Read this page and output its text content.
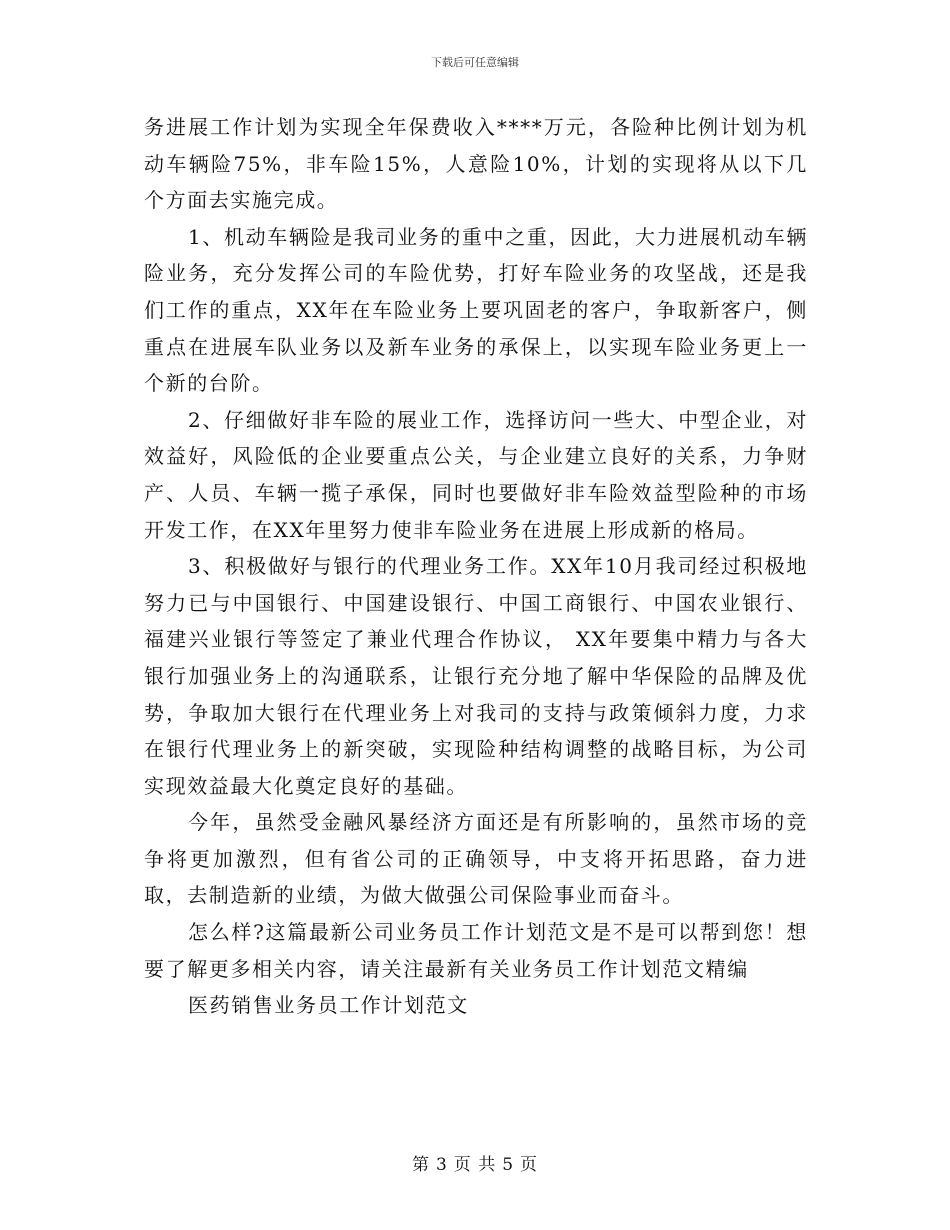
下载后可任意编辑

务进展工作计划为实现全年保费收入****万元，各险种比例计划为机动车辆险75%，非车险15%，人意险10%，计划的实现将从以下几个方面去实施完成。

1、机动车辆险是我司业务的重中之重，因此，大力进展机动车辆险业务，充分发挥公司的车险优势，打好车险业务的攻坚战，还是我们工作的重点，XX年在车险业务上要巩固老的客户，争取新客户，侧重点在进展车队业务以及新车业务的承保上，以实现车险业务更上一个新的台阶。

2、仔细做好非车险的展业工作，选择访问一些大、中型企业，对效益好，风险低的企业要重点公关，与企业建立良好的关系，力争财产、人员、车辆一揽子承保，同时也要做好非车险效益型险种的市场开发工作，在XX年里努力使非车险业务在进展上形成新的格局。

3、积极做好与银行的代理业务工作。XX年10月我司经过积极地努力已与中国银行、中国建设银行、中国工商银行、中国农业银行、福建兴业银行等签定了兼业代理合作协议， XX年要集中精力与各大银行加强业务上的沟通联系，让银行充分地了解中华保险的品牌及优势，争取加大银行在代理业务上对我司的支持与政策倾斜力度，力求在银行代理业务上的新突破，实现险种结构调整的战略目标，为公司实现效益最大化奠定良好的基础。

今年，虽然受金融风暴经济方面还是有所影响的，虽然市场的竞争将更加激烈，但有省公司的正确领导，中支将开拓思路，奋力进取，去制造新的业绩，为做大做强公司保险事业而奋斗。

怎么样?这篇最新公司业务员工作计划范文是不是可以帮到您！想要了解更多相关内容，请关注最新有关业务员工作计划范文精编

医药销售业务员工作计划范文

第 3 页 共 5 页
